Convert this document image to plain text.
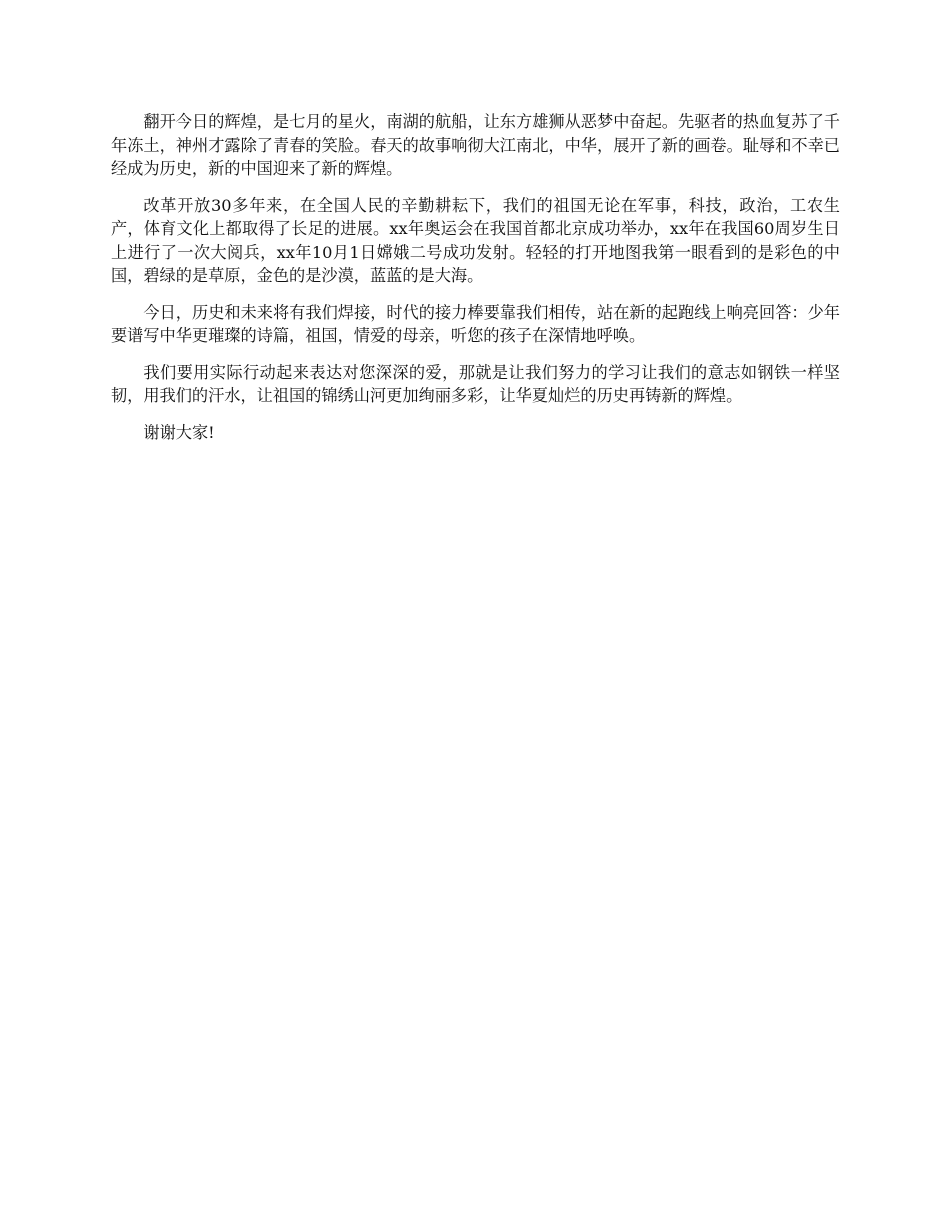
翻开今日的辉煌，是七月的星火，南湖的航船，让东方雄狮从恶梦中奋起。先驱者的热血复苏了千年冻土，神州才露除了青春的笑脸。春天的故事响彻大江南北，中华，展开了新的画卷。耻辱和不幸已经成为历史，新的中国迎来了新的辉煌。

改革开放30多年来，在全国人民的辛勤耕耘下，我们的祖国无论在军事，科技，政治，工农生产，体育文化上都取得了长足的进展。xx年奥运会在我国首都北京成功举办，xx年在我国60周岁生日上进行了一次大阅兵，xx年10月1日嫦娥二号成功发射。轻轻的打开地图我第一眼看到的是彩色的中国，碧绿的是草原，金色的是沙漠，蓝蓝的是大海。

今日，历史和未来将有我们焊接，时代的接力棒要靠我们相传，站在新的起跑线上响亮回答：少年要谱写中华更璀璨的诗篇，祖国，情爱的母亲，听您的孩子在深情地呼唤。

我们要用实际行动起来表达对您深深的爱，那就是让我们努力的学习让我们的意志如钢铁一样坚韧，用我们的汗水，让祖国的锦绣山河更加绚丽多彩，让华夏灿烂的历史再铸新的辉煌。

谢谢大家!
